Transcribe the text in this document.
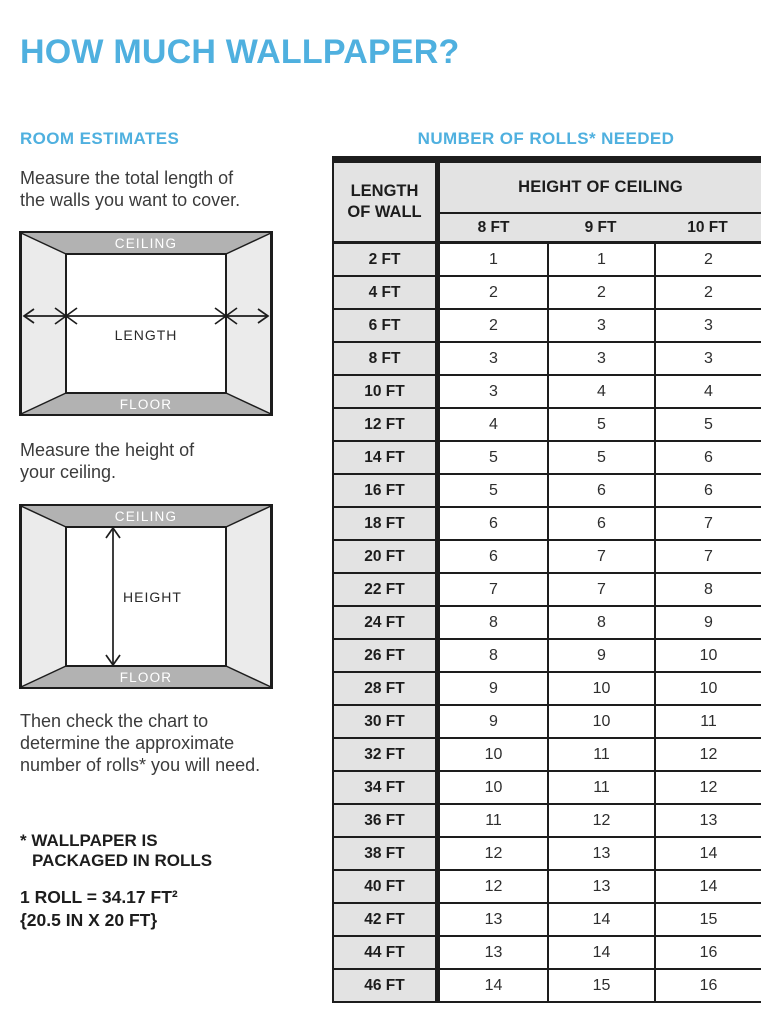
HOW MUCH WALLPAPER?
ROOM ESTIMATES
Measure the total length of
the walls you want to cover.
CEILING
FLOOR
LENGTH
Measure the height of
your ceiling.
CEILING
FLOOR
HEIGHT
Then check the chart to
determine the approximate
number of rolls* you will need.
* WALLPAPER IS
PACKAGED IN ROLLS
1 ROLL = 34.17 FT²
{20.5 IN X 20 FT}
NUMBER OF ROLLS* NEEDED
LENGTH
OF WALL
HEIGHT OF CEILING
8 FT	9 FT	10 FT
2 FT	1	1	2
4 FT	2	2	2
6 FT	2	3	3
8 FT	3	3	3
10 FT	3	4	4
12 FT	4	5	5
14 FT	5	5	6
16 FT	5	6	6
18 FT	6	6	7
20 FT	6	7	7
22 FT	7	7	8
24 FT	8	8	9
26 FT	8	9	10
28 FT	9	10	10
30 FT	9	10	11
32 FT	10	11	12
34 FT	10	11	12
36 FT	11	12	13
38 FT	12	13	14
40 FT	12	13	14
42 FT	13	14	15
44 FT	13	14	16
46 FT	14	15	16
